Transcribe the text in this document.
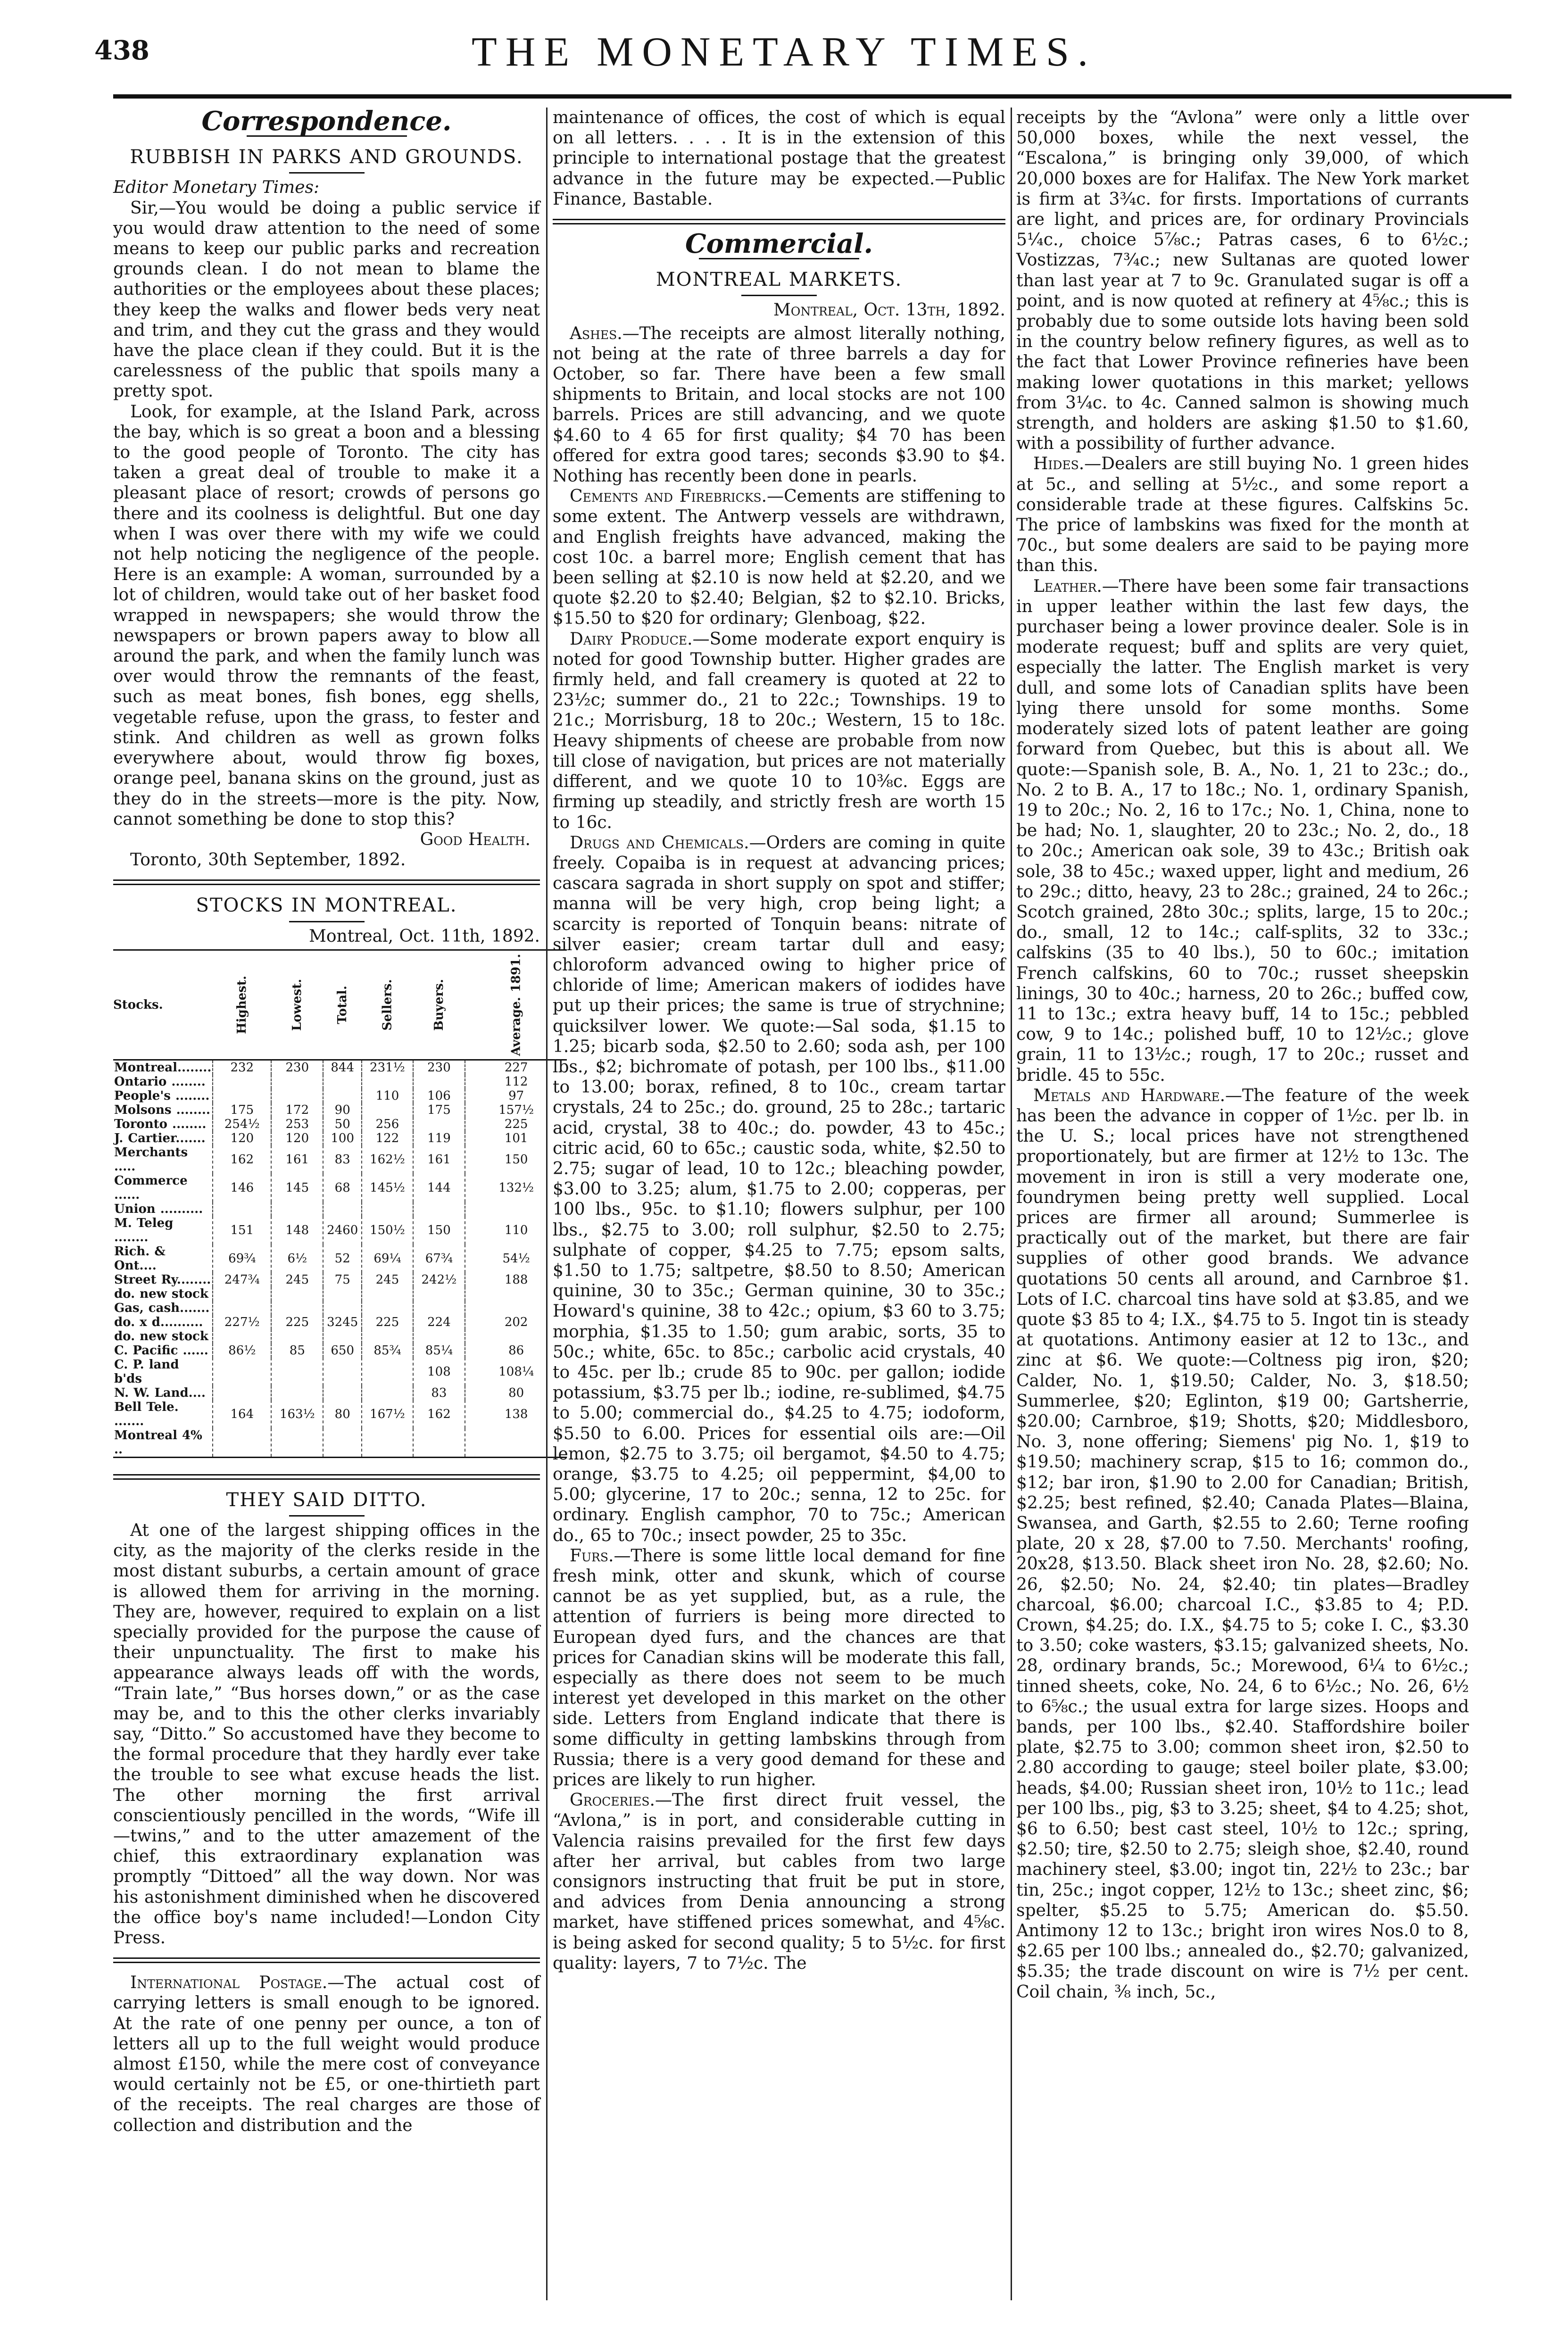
THE MONETARY TIMES.
438
Correspondence.
RUBBISH IN PARKS AND GROUNDS.

Editor Monetary Times:

Sir,—You would be doing a public service if you would draw attention to the need of some means to keep our public parks and recreation grounds clean. I do not mean to blame the authorities or the employees about these places; they keep the walks and flower beds very neat and trim, and they cut the grass and they would have the place clean if they could. But it is the carelessness of the public that spoils many a pretty spot.

Look, for example, at the Island Park, across the bay, which is so great a boon and a blessing to the good people of Toronto. The city has taken a great deal of trouble to make it a pleasant place of resort; crowds of persons go there and its coolness is delightful. But one day when I was over there with my wife we could not help noticing the negligence of the people. Here is an example: A woman, surrounded by a lot of children, would take out of her basket food wrapped in newspapers; she would throw the newspapers or brown papers away to blow all around the park, and when the family lunch was over would throw the remnants of the feast, such as meat bones, fish bones, egg shells, vegetable refuse, upon the grass, to fester and stink. And children as well as grown folks everywhere about, would throw fig boxes, orange peel, banana skins on the ground, just as they do in the streets—more is the pity. Now, cannot something be done to stop this?

Good Health.

Toronto, 30th September, 1892.

STOCKS IN MONTREAL.
Montreal, Oct. 11th, 1892.
Stocks.	Highest.	Lowest.	Total.	Sellers.	Buyers.	Average. 1891.
Montreal........	232	230	844	231½	230	227
Ontario ........						112
People's ........				110	106	97
Molsons ........	175	172	90		175	157½
Toronto ........	254½	253	50	256		225
J. Cartier.......	120	120	100	122	119	101
Merchants .....	162	161	83	162½	161	150
Commerce ......	146	145	68	145½	144	132½
Union ..........						
M. Teleg ........	151	148	2460	150½	150	110
Rich. & Ont....	69¾	6½	52	69¼	67¾	54½
Street Ry........	247¾	245	75	245	242½	188
do. new stock						
Gas, cash.......						
do. x d..........	227½	225	3245	225	224	202
do. new stock						
C. Pacific ......	86½	85	650	85¾	85¼	86
C. P. land b'ds					108	108¼
N. W. Land....					83	80
Bell Tele. .......	164	163½	80	167½	162	138
Montreal 4% ..						
THEY SAID DITTO.

At one of the largest shipping offices in the city, as the majority of the clerks reside in the most distant suburbs, a certain amount of grace is allowed them for arriving in the morning. They are, however, required to explain on a list specially provided for the purpose the cause of their unpunctuality. The first to make his appearance always leads off with the words, “Train late,” “Bus horses down,” or as the case may be, and to this the other clerks invariably say, “Ditto.” So accustomed have they become to the formal procedure that they hardly ever take the trouble to see what excuse heads the list. The other morning the first arrival conscientiously pencilled in the words, “Wife ill—twins,” and to the utter amazement of the chief, this extraordinary explanation was promptly “Dittoed” all the way down. Nor was his astonishment diminished when he discovered the office boy's name included!—London City Press.

International Postage.—The actual cost of carrying letters is small enough to be ignored. At the rate of one penny per ounce, a ton of letters all up to the full weight would produce almost £150, while the mere cost of conveyance would certainly not be £5, or one-thirtieth part of the receipts. The real charges are those of collection and distribution and the

maintenance of offices, the cost of which is equal on all letters. . . . It is in the extension of this principle to international postage that the greatest advance in the future may be expected.—Public Finance, Bastable.

Commercial.
MONTREAL MARKETS.
Montreal, Oct. 13th, 1892.

Ashes.—The receipts are almost literally nothing, not being at the rate of three barrels a day for October, so far. There have been a few small shipments to Britain, and local stocks are not 100 barrels. Prices are still advancing, and we quote $4.60 to 4 65 for first quality; $4 70 has been offered for extra good tares; seconds $3.90 to $4. Nothing has recently been done in pearls.

Cements and Firebricks.—Cements are stiffening to some extent. The Antwerp vessels are withdrawn, and English freights have advanced, making the cost 10c. a barrel more; English cement that has been selling at $2.10 is now held at $2.20, and we quote $2.20 to $2.40; Belgian, $2 to $2.10. Bricks, $15.50 to $20 for ordinary; Glenboag, $22.

Dairy Produce.—Some moderate export enquiry is noted for good Township butter. Higher grades are firmly held, and fall creamery is quoted at 22 to 23½c; summer do., 21 to 22c.; Townships. 19 to 21c.; Morrisburg, 18 to 20c.; Western, 15 to 18c. Heavy shipments of cheese are probable from now till close of navigation, but prices are not materially different, and we quote 10 to 10⅜c. Eggs are firming up steadily, and strictly fresh are worth 15 to 16c.

Drugs and Chemicals.—Orders are coming in quite freely. Copaiba is in request at advancing prices; cascara sagrada in short supply on spot and stiffer; manna will be very high, crop being light; a scarcity is reported of Tonquin beans: nitrate of silver easier; cream tartar dull and easy; chloroform advanced owing to higher price of chloride of lime; American makers of iodides have put up their prices; the same is true of strychnine; quicksilver lower. We quote:—Sal soda, $1.15 to 1.25; bicarb soda, $2.50 to 2.60; soda ash, per 100 lbs., $2; bichromate of potash, per 100 lbs., $11.00 to 13.00; borax, refined, 8 to 10c., cream tartar crystals, 24 to 25c.; do. ground, 25 to 28c.; tartaric acid, crystal, 38 to 40c.; do. powder, 43 to 45c.; citric acid, 60 to 65c.; caustic soda, white, $2.50 to 2.75; sugar of lead, 10 to 12c.; bleaching powder, $3.00 to 3.25; alum, $1.75 to 2.00; copperas, per 100 lbs., 95c. to $1.10; flowers sulphur, per 100 lbs., $2.75 to 3.00; roll sulphur, $2.50 to 2.75; sulphate of copper, $4.25 to 7.75; epsom salts, $1.50 to 1.75; saltpetre, $8.50 to 8.50; American quinine, 30 to 35c.; German quinine, 30 to 35c.; Howard's quinine, 38 to 42c.; opium, $3 60 to 3.75; morphia, $1.35 to 1.50; gum arabic, sorts, 35 to 50c.; white, 65c. to 85c.; carbolic acid crystals, 40 to 45c. per lb.; crude 85 to 90c. per gallon; iodide potassium, $3.75 per lb.; iodine, re-sublimed, $4.75 to 5.00; commercial do., $4.25 to 4.75; iodoform, $5.50 to 6.00. Prices for essential oils are:—Oil lemon, $2.75 to 3.75; oil bergamot, $4.50 to 4.75; orange, $3.75 to 4.25; oil peppermint, $4,00 to 5.00; glycerine, 17 to 20c.; senna, 12 to 25c. for ordinary. English camphor, 70 to 75c.; American do., 65 to 70c.; insect powder, 25 to 35c.

Furs.—There is some little local demand for fine fresh mink, otter and skunk, which of course cannot be as yet supplied, but, as a rule, the attention of furriers is being more directed to European dyed furs, and the chances are that prices for Canadian skins will be moderate this fall, especially as there does not seem to be much interest yet developed in this market on the other side. Letters from England indicate that there is some difficulty in getting lambskins through from Russia; there is a very good demand for these and prices are likely to run higher.

Groceries.—The first direct fruit vessel, the “Avlona,” is in port, and considerable cutting in Valencia raisins prevailed for the first few days after her arrival, but cables from two large consignors instructing that fruit be put in store, and advices from Denia announcing a strong market, have stiffened prices somewhat, and 4⅝c. is being asked for second quality; 5 to 5½c. for first quality: layers, 7 to 7½c. The

receipts by the “Avlona” were only a little over 50,000 boxes, while the next vessel, the “Escalona,” is bringing only 39,000, of which 20,000 boxes are for Halifax. The New York market is firm at 3¾c. for firsts. Importations of currants are light, and prices are, for ordinary Provincials 5¼c., choice 5⅞c.; Patras cases, 6 to 6½c.; Vostizzas, 7¾c.; new Sultanas are quoted lower than last year at 7 to 9c. Granulated sugar is off a point, and is now quoted at refinery at 4⅝c.; this is probably due to some outside lots having been sold in the country below refinery figures, as well as to the fact that Lower Province refineries have been making lower quotations in this market; yellows from 3¼c. to 4c. Canned salmon is showing much strength, and holders are asking $1.50 to $1.60, with a possibility of further advance.

Hides.—Dealers are still buying No. 1 green hides at 5c., and selling at 5½c., and some report a considerable trade at these figures. Calfskins 5c. The price of lambskins was fixed for the month at 70c., but some dealers are said to be paying more than this.

Leather.—There have been some fair transactions in upper leather within the last few days, the purchaser being a lower province dealer. Sole is in moderate request; buff and splits are very quiet, especially the latter. The English market is very dull, and some lots of Canadian splits have been lying there unsold for some months. Some moderately sized lots of patent leather are going forward from Quebec, but this is about all. We quote:—Spanish sole, B. A., No. 1, 21 to 23c.; do., No. 2 to B. A., 17 to 18c.; No. 1, ordinary Spanish, 19 to 20c.; No. 2, 16 to 17c.; No. 1, China, none to be had; No. 1, slaughter, 20 to 23c.; No. 2, do., 18 to 20c.; American oak sole, 39 to 43c.; British oak sole, 38 to 45c.; waxed upper, light and medium, 26 to 29c.; ditto, heavy, 23 to 28c.; grained, 24 to 26c.; Scotch grained, 28to 30c.; splits, large, 15 to 20c.; do., small, 12 to 14c.; calf-splits, 32 to 33c.; calfskins (35 to 40 lbs.), 50 to 60c.; imitation French calfskins, 60 to 70c.; russet sheepskin linings, 30 to 40c.; harness, 20 to 26c.; buffed cow, 11 to 13c.; extra heavy buff, 14 to 15c.; pebbled cow, 9 to 14c.; polished buff, 10 to 12½c.; glove grain, 11 to 13½c.; rough, 17 to 20c.; russet and bridle. 45 to 55c.

Metals and Hardware.—The feature of the week has been the advance in copper of 1½c. per lb. in the U. S.; local prices have not strengthened proportionately, but are firmer at 12½ to 13c. The movement in iron is still a very moderate one, foundrymen being pretty well supplied. Local prices are firmer all around; Summerlee is practically out of the market, but there are fair supplies of other good brands. We advance quotations 50 cents all around, and Carnbroe $1. Lots of I.C. charcoal tins have sold at $3.85, and we quote $3 85 to 4; I.X., $4.75 to 5. Ingot tin is steady at quotations. Antimony easier at 12 to 13c., and zinc at $6. We quote:—Coltness pig iron, $20; Calder, No. 1, $19.50; Calder, No. 3, $18.50; Summerlee, $20; Eglinton, $19 00; Gartsherrie, $20.00; Carnbroe, $19; Shotts, $20; Middlesboro, No. 3, none offering; Siemens' pig No. 1, $19 to $19.50; machinery scrap, $15 to 16; common do., $12; bar iron, $1.90 to 2.00 for Canadian; British, $2.25; best refined, $2.40; Canada Plates—Blaina, Swansea, and Garth, $2.55 to 2.60; Terne roofing plate, 20 x 28, $7.00 to 7.50. Merchants' roofing, 20x28, $13.50. Black sheet iron No. 28, $2.60; No. 26, $2.50; No. 24, $2.40; tin plates—Bradley charcoal, $6.00; charcoal I.C., $3.85 to 4; P.D. Crown, $4.25; do. I.X., $4.75 to 5; coke I. C., $3.30 to 3.50; coke wasters, $3.15; galvanized sheets, No. 28, ordinary brands, 5c.; Morewood, 6¼ to 6½c.; tinned sheets, coke, No. 24, 6 to 6½c.; No. 26, 6½ to 6⅝c.; the usual extra for large sizes. Hoops and bands, per 100 lbs., $2.40. Staffordshire boiler plate, $2.75 to 3.00; common sheet iron, $2.50 to 2.80 according to gauge; steel boiler plate, $3.00; heads, $4.00; Russian sheet iron, 10½ to 11c.; lead per 100 lbs., pig, $3 to 3.25; sheet, $4 to 4.25; shot, $6 to 6.50; best cast steel, 10½ to 12c.; spring, $2.50; tire, $2.50 to 2.75; sleigh shoe, $2.40, round machinery steel, $3.00; ingot tin, 22½ to 23c.; bar tin, 25c.; ingot copper, 12½ to 13c.; sheet zinc, $6; spelter, $5.25 to 5.75; American do. $5.50. Antimony 12 to 13c.; bright iron wires Nos.0 to 8, $2.65 per 100 lbs.; annealed do., $2.70; galvanized, $5.35; the trade discount on wire is 7½ per cent. Coil chain, ⅜ inch, 5c.,
